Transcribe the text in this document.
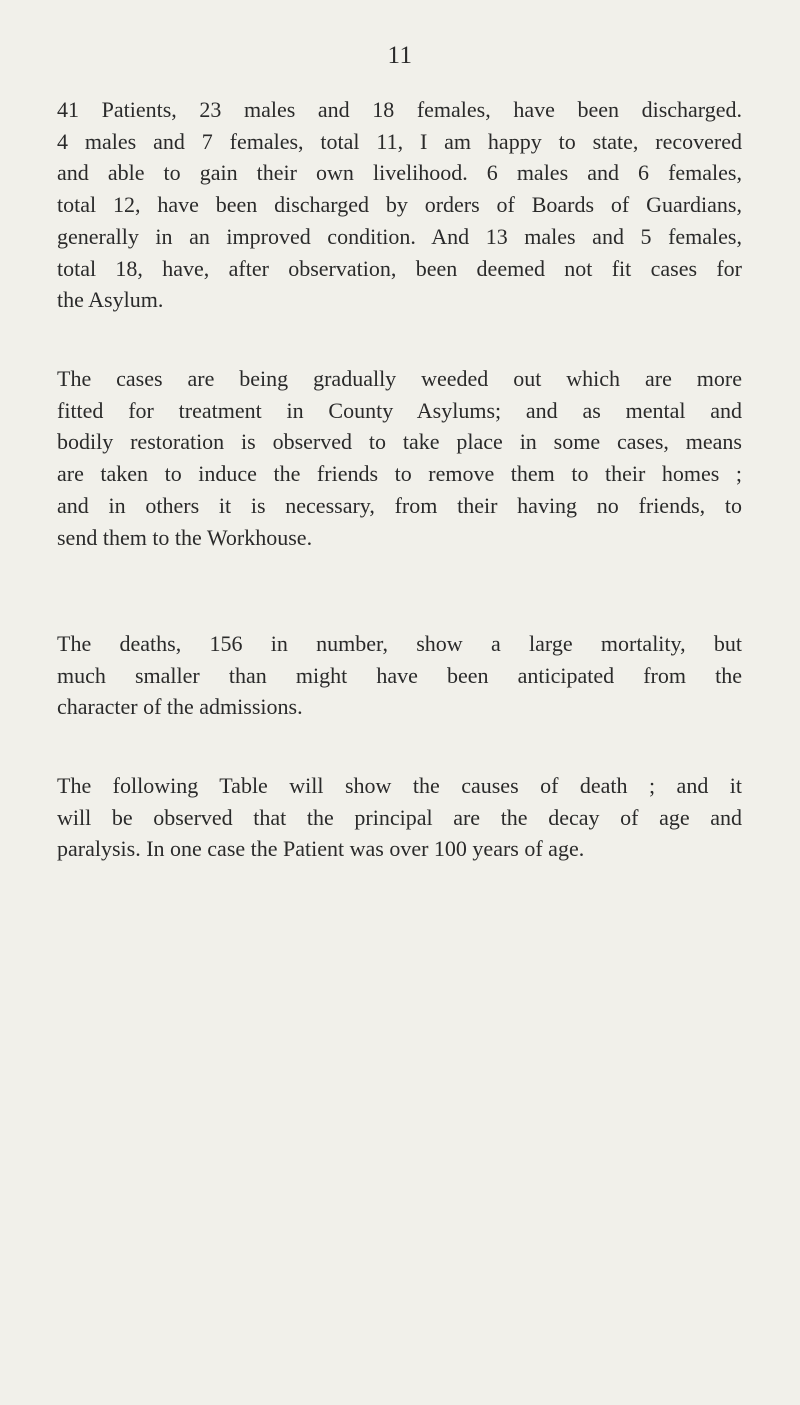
11
41 Patients, 23 males and 18 females, have been discharged.
4 males and 7 females, total 11, I am happy to state, recovered
and able to gain their own livelihood. 6 males and 6 females,
total 12, have been discharged by orders of Boards of Guardians,
generally in an improved condition. And 13 males and 5 females,
total 18, have, after observation, been deemed not fit cases for
the Asylum.
The cases are being gradually weeded out which are more
fitted for treatment in County Asylums; and as mental and
bodily restoration is observed to take place in some cases, means
are taken to induce the friends to remove them to their homes ;
and in others it is necessary, from their having no friends, to
send them to the Workhouse.
The deaths, 156 in number, show a large mortality, but
much smaller than might have been anticipated from the
character of the admissions.
The following Table will show the causes of death ; and it
will be observed that the principal are the decay of age and
paralysis. In one case the Patient was over 100 years of age.
